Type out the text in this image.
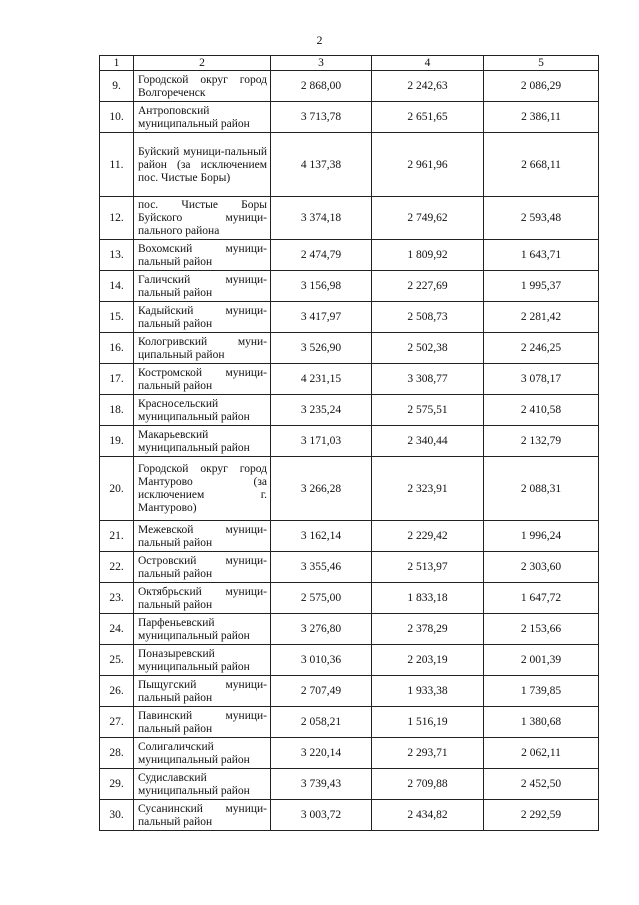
2
1	2	3	4	5
9.	Городской округ город Волгореченск	2 868,00	2 242,63	2 086,29
10.	Антроповский муниципальный район	3 713,78	2 651,65	2 386,11
11.	Буйский муници-пальный район (за исключением пос. Чистые Боры)	4 137,38	2 961,96	2 668,11
12.	пос. Чистые Боры Буйского муници-пального района	3 374,18	2 749,62	2 593,48
13.	Вохомский муници-пальный район	2 474,79	1 809,92	1 643,71
14.	Галичский муници-пальный район	3 156,98	2 227,69	1 995,37
15.	Кадыйский муници-пальный район	3 417,97	2 508,73	2 281,42
16.	Кологривский муни-ципальный район	3 526,90	2 502,38	2 246,25
17.	Костромской муници-пальный район	4 231,15	3 308,77	3 078,17
18.	Красносельский муниципальный район	3 235,24	2 575,51	2 410,58
19.	Макарьевский муниципальный район	3 171,03	2 340,44	2 132,79
20.	Городской округ город Мантурово (за исключением г. Мантурово)	3 266,28	2 323,91	2 088,31
21.	Межевской муници-пальный район	3 162,14	2 229,42	1 996,24
22.	Островский муници-пальный район	3 355,46	2 513,97	2 303,60
23.	Октябрьский муници-пальный район	2 575,00	1 833,18	1 647,72
24.	Парфеньевский муниципальный район	3 276,80	2 378,29	2 153,66
25.	Поназыревский муниципальный район	3 010,36	2 203,19	2 001,39
26.	Пыщугский муници-пальный район	2 707,49	1 933,38	1 739,85
27.	Павинский муници-пальный район	2 058,21	1 516,19	1 380,68
28.	Солигаличский муниципальный район	3 220,14	2 293,71	2 062,11
29.	Судиславский муниципальный район	3 739,43	2 709,88	2 452,50
30.	Сусанинский муници-пальный район	3 003,72	2 434,82	2 292,59
